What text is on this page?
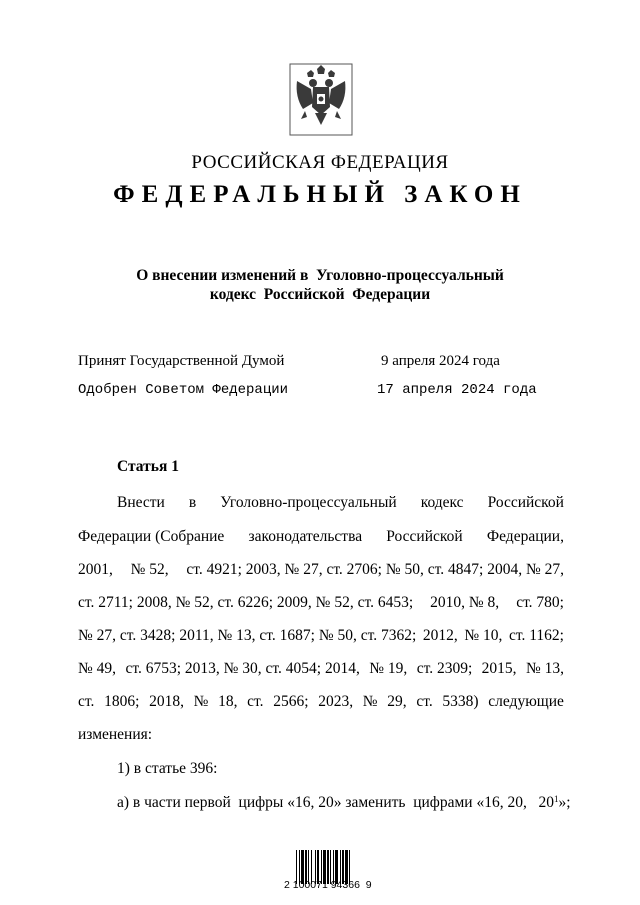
РОССИЙСКАЯ ФЕДЕРАЦИЯ
ФЕДЕРАЛЬНЫЙ ЗАКОН
О внесении изменений в  Уголовно-процессуальный
кодекс  Российской  Федерации
Принят Государственной Думой	9 апреля 2024 года
Одобрен Советом Федерации	17 апреля 2024 года
Статья 1
Внести в Уголовно-процессуальный кодекс Российской
Федерации (Собрание законодательства Российской Федерации,
2001, № 52, ст. 4921; 2003, № 27, ст. 2706; № 50, ст. 4847; 2004, № 27,
ст. 2711; 2008, № 52, ст. 6226; 2009, № 52, ст. 6453; 2010, № 8, ст. 780;
№ 27, ст. 3428; 2011, № 13, ст. 1687; № 50, ст. 7362; 2012, № 10, ст. 1162;
№ 49, ст. 6753; 2013, № 30, ст. 4054; 2014, № 19, ст. 2309; 2015, № 13,
ст. 1806; 2018, № 18, ст. 2566; 2023, № 29, ст. 5338) следующие
изменения:
1) в статье 396:
а) в части первой  цифры «16, 20» заменить  цифрами «16, 20,   20 1 »;
2 100071 94366  9
